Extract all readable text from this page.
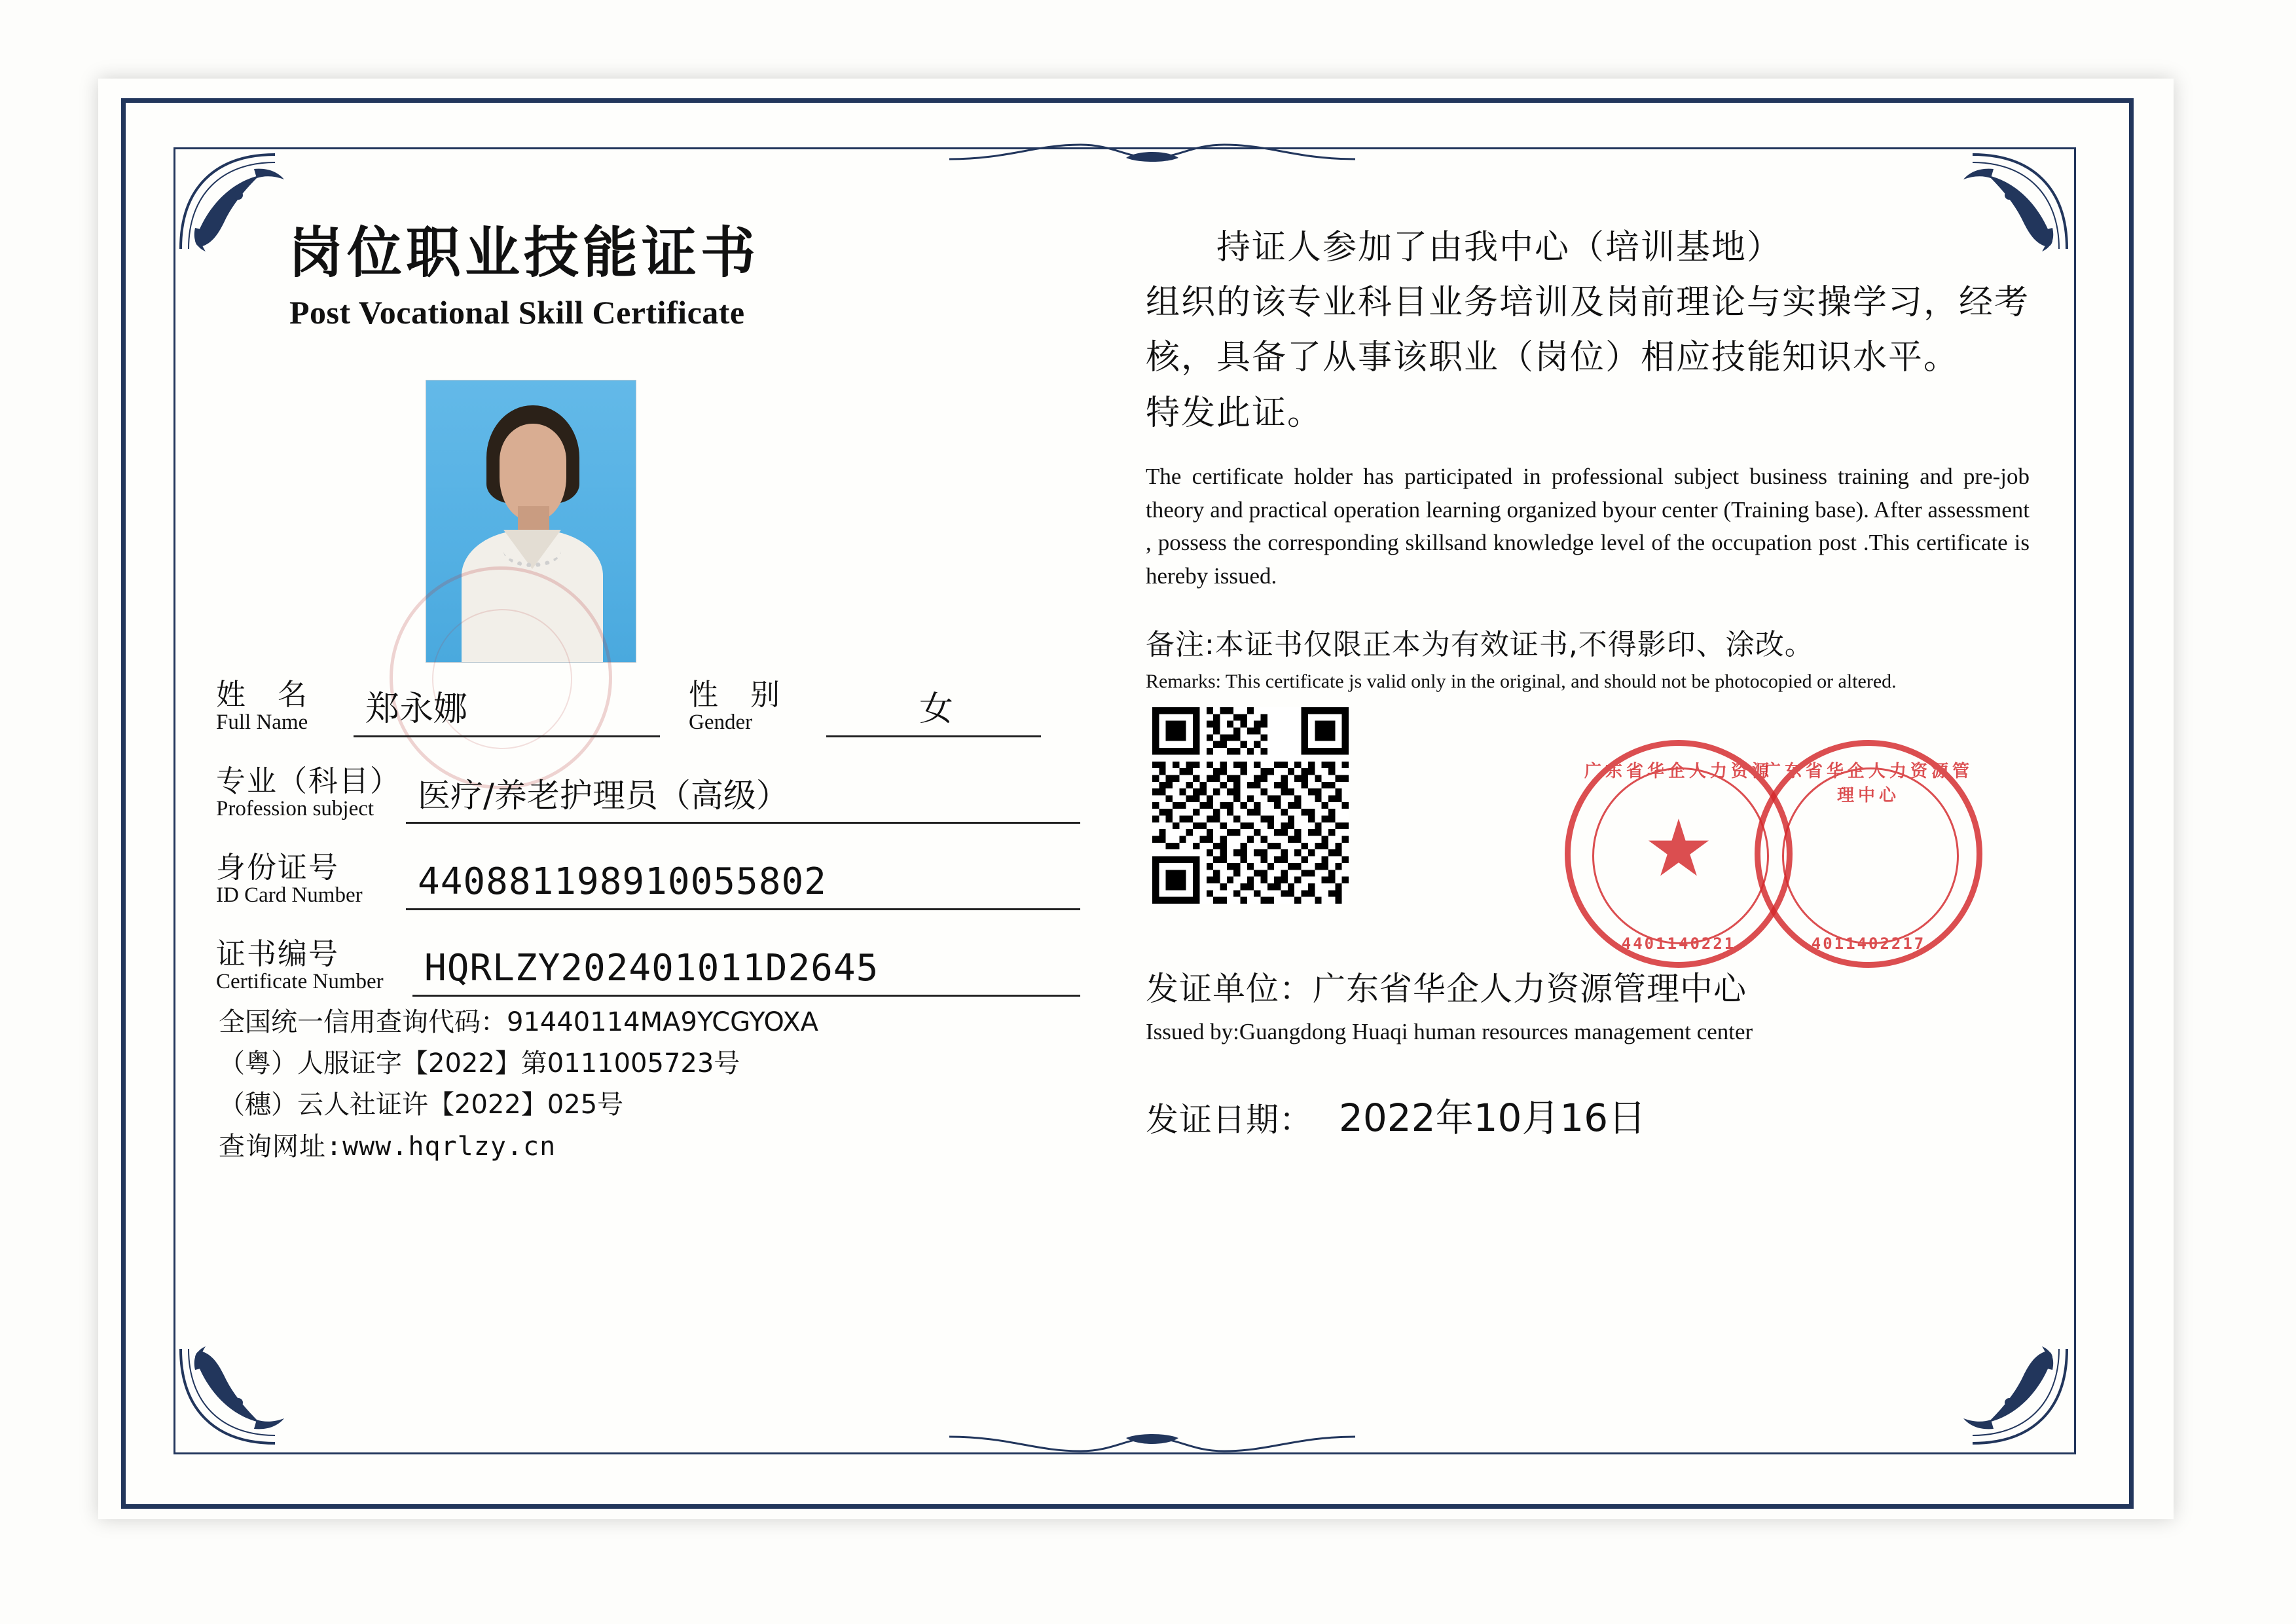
岗位职业技能证书
Post Vocational Skill Certificate
姓　名
Full Name	郑永娜	性　别
Gender	女
专业（科目）
Profession subject	医疗/养老护理员（高级）
身份证号
ID Card Number	440881198910055802
证书编号
Certificate Number	HQRLZY202401011D2645
全国统一信用查询代码：91440114MA9YCGYOXA
（粤）人服证字【2022】第0111005723号
（穗）云人社证许【2022】025号
查询网址:www.hqrlzy.cn
持证人参加了由我中心（培训基地）
组织的该专业科目业务培训及岗前理论与实操学习，经考核，具备了从事该职业（岗位）相应技能知识水平。
特发此证。
The certificate holder has participated in professional subject business training and pre-job theory and practical operation learning organized byour center (Training base). After assessment , possess the corresponding skillsand knowledge level of the occupation post .This certificate is hereby issued.
备注:本证书仅限正本为有效证书,不得影印、涂改。
Remarks: This certificate js valid only in the original, and should not be photocopied or altered.
广东省华企人力资源
4401140221
广东省华企人力资源管理中心
4011402217
发证单位：广东省华企人力资源管理中心
Issued by:Guangdong Huaqi human resources management center
发证日期： 2022年10月16日
